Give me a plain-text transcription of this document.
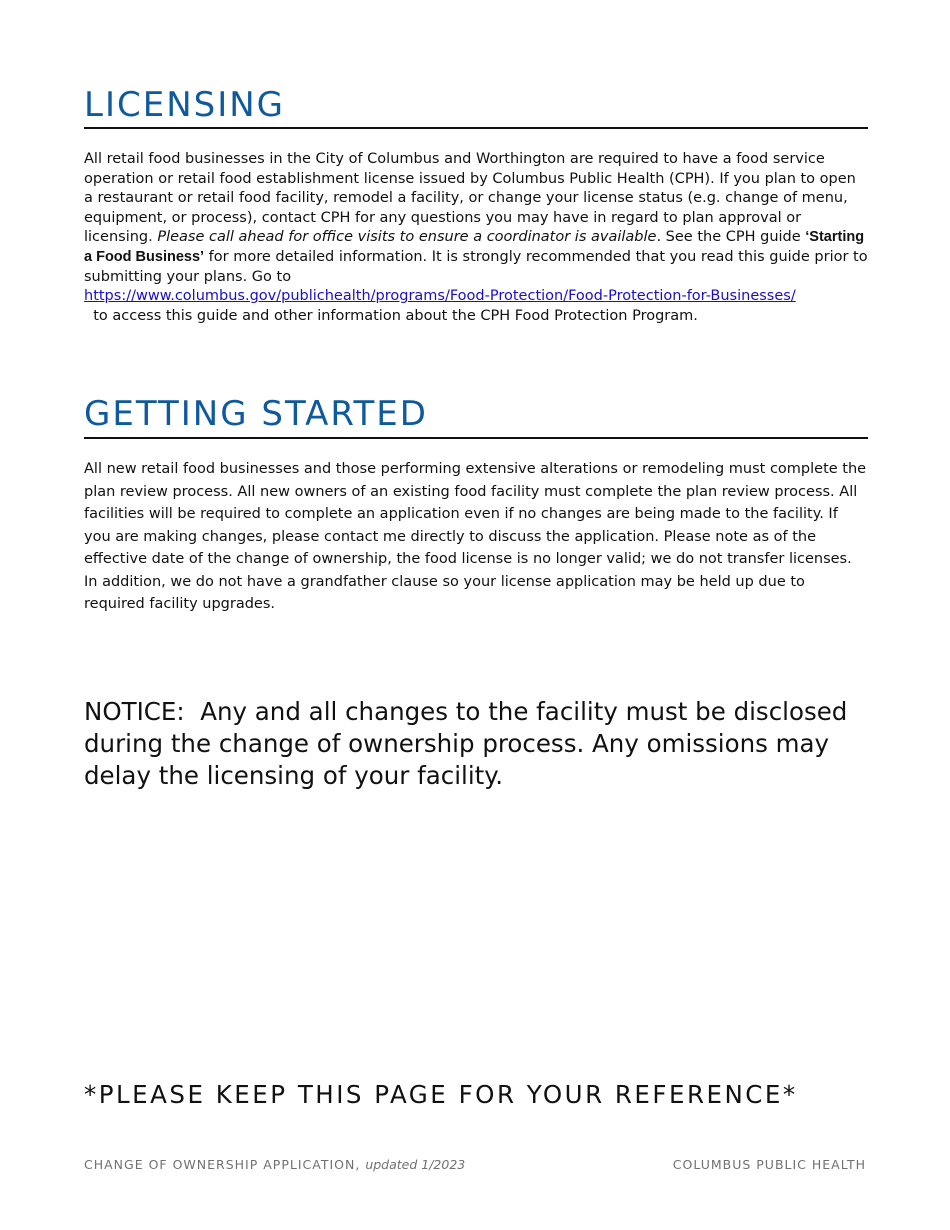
LICENSING

All retail food businesses in the City of Columbus and Worthington are required to have a food service operation or retail food establishment license issued by Columbus Public Health (CPH). If you plan to open a restaurant or retail food facility, remodel a facility, or change your license status (e.g. change of menu, equipment, or process), contact CPH for any questions you may have in regard to plan approval or licensing. Please call ahead for office visits to ensure a coordinator is available. See the CPH guide ‘Starting a Food Business’ for more detailed information. It is strongly recommended that you read this guide prior to submitting your plans. Go to
https://www.columbus.gov/publichealth/programs/Food-Protection/Food-Protection-for-Businesses/  to access this guide and other information about the CPH Food Protection Program.

GETTING STARTED

All new retail food businesses and those performing extensive alterations or remodeling must complete the plan review process. All new owners of an existing food facility must complete the plan review process. All facilities will be required to complete an application even if no changes are being made to the facility. If you are making changes, please contact me directly to discuss the application. Please note as of the effective date of the change of ownership, the food license is no longer valid; we do not transfer licenses. In addition, we do not have a grandfather clause so your license application may be held up due to required facility upgrades.

NOTICE:  Any and all changes to the facility must be disclosed during the change of ownership process. Any omissions may delay the licensing of your facility.

*PLEASE KEEP THIS PAGE FOR YOUR REFERENCE*

CHANGE OF OWNERSHIP APPLICATION, updated 1/2023	COLUMBUS PUBLIC HEALTH
